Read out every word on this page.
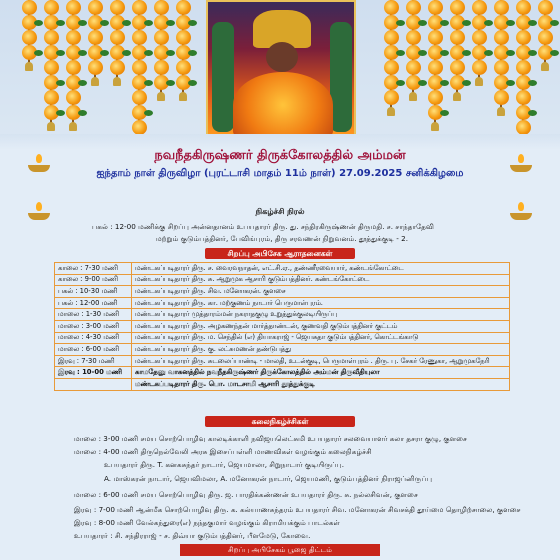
நவநீதகிருஷ்ணர் திருக்கோலத்தில் அம்மன்
ஐந்தாம் நாள் திருவிழா (புரட்டாசி மாதம் 11ம் நாள்) 27.09.2025 சனிக்கிழமை
நிகழ்ச்சி நிரல்
பகல் : 12-00 மணிக்கு சிறப்பு அன்னதானம் உபயதாரர் திரு. து. சந்திரகிருஷ்ணன் திருமதி. ச. சாந்தாதேவி
மற்றும் குடும்பத்தினர், பேவிங்புரம், திரு சரவணன் நிறுவனம். தூத்துக்குடி - 2.
சிறப்பு அபிசேக ஆராதனைகள்
காலை : 7-30 மணி	மண்டகப்படிதாரர் திரு. ச. வைரவநாதன், எட்.சி.ஏ., தண்ணீரவையார், கண்டங்கோட்டை
காலை : 9-00 மணி	மண்டகப்படிதாரர் திரு. சு. ஆறுமுக ஆசாரி குடும்பத்தினர். கண்டங்கோட்டை
பகல் : 10-30 மணி	மண்டகப்படிதாரர் திரு. சிவ. மனோகரன். குளசை
பகல் : 12-00 மணி	மண்டகப்படிதாரர் திரு. கா. மற்குணம் நாடார் பெருமாள்புரம்.
மாலை : 1-30 மணி	மண்டகப்படிதாரர் முத்தாரம்மன் நகராதகுழு உறுத்துக்குலடியிருப்பு
மாலை : 3-00 மணி	மண்டகப்படிதாரர் திரு. அழகணந்தன் மார்த்தாண்டன், குணவதி குடும்பத்தினர் குட்டம்
மாலை : 4-30 மணி	மண்டகப்படிதாரர் திரு. ம. செந்தில் (எ) தியாகராஜ் - ஜெயசுதா குடும்பத்தினர், கொட்டங்காடு
மாலை : 6-00 மணி	மண்டகப்படிதாரர் திரு. கு. லட்சுமணன் தண்டுபத்து
இரவு : 7-30 மணி	மண்டகப்படிதாரர் திரு. சுடலைப்பாண்டி - மாலதி, உடன்குடி, பெருமாள்புரம் . திரு. பு. சேகர் ரேணுகா, ஆறுமுகநேரி
இரவு : 10-00 மணி	காமதேனு வாகனத்தில் நவநீதகிருஷ்ணர் திருக்கோலத்தில் அம்மன் திருவீதியுலா
	மண்டகப்படிதாரர் திரு. பொ. மாடசாமி ஆசாரி தூத்துக்குடி
கலைநிகழ்ச்சிகள்
மாலை : 3-00 மணி சமய சொற்பொழிவு காலடிக்காளி நவிஜயலெட்சுமி உபயதாரர் சலவையாளர் கலா தசரா குழு, குளசை
மாலை : 4-00 மணி திருநெல்வேலி அரசு இசைப்பள்ளி மாணவிகள் வழங்கும் கலைநிகழ்ச்சி
உபயதாரர் திரு. T. கனகசுந்தர் நாடார், ஜெயமாலா, சிறுநாடார் குடியிருப்பு.
A. மாஸ்கரன் நாடார், ஜெயவிமலா, A. மனோகரன் நாடார், ஜெயமணி, குடும்பத்தினர் நிராஜப்னிருப்பு
மாலை : 6-00 மணி சமய சொற்பொழிவு திரு. ஜ. பாரதிக்கண்ணன் உபயதாரர் திரு. சு. நல்லசிவன், குளசை
இரவு : 7-00 மணி ஆன்மீக சொற்பொழிவு திரு. க. கல்யாணசுந்தரம் உபயதாரர் சிவ. மனோகரன் சிவசக்தி தூய்மை தொழிற்சாலை, குளசை
இரவு : 8-00 மணி வேல்கந்துரை(எ) நந்தகுமார் வழங்கும் கிராமியக்கும் பாடல்கள்
உபயதாரர் : சி. சந்திரராஜ் - ச. திவ்யா குடும்பத்தினர், பீளமேடு, கோவை.
சிறப்பு அபிசேகம் பூஜை திட்டம்
